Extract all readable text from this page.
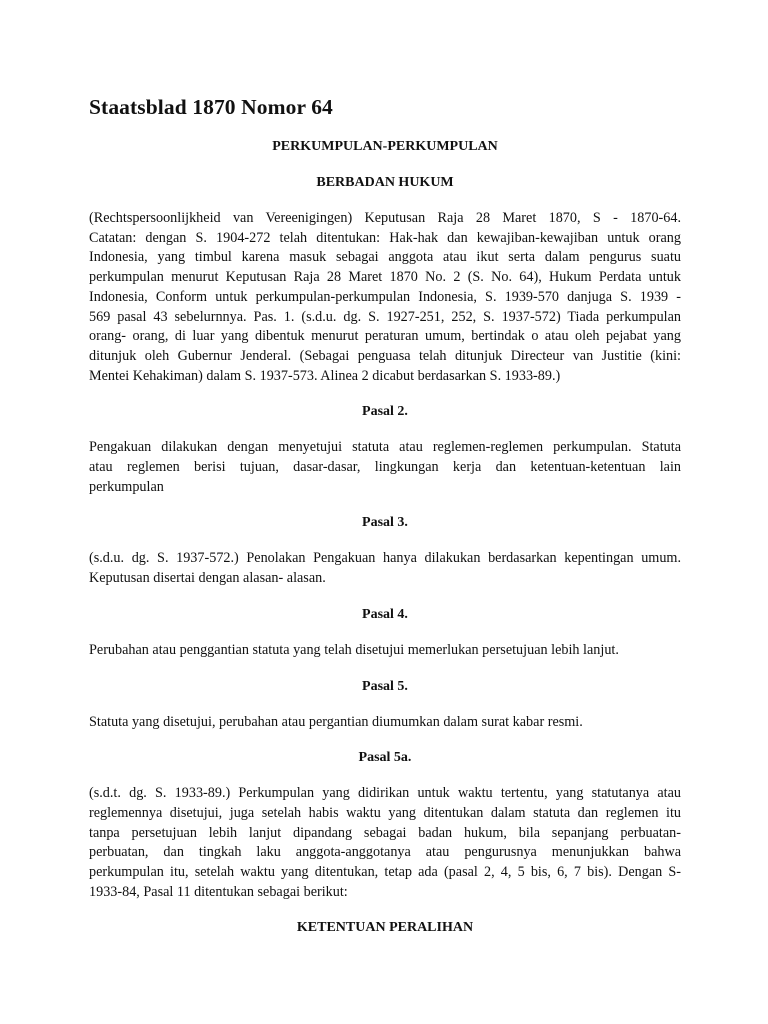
Staatsblad 1870 Nomor 64

PERKUMPULAN-PERKUMPULAN

BERBADAN HUKUM

(Rechtspersoonlijkheid van Vereenigingen) Keputusan Raja 28 Maret 1870, S - 1870-64.
Catatan: dengan S. 1904-272 telah ditentukan: Hak-hak dan kewajiban-kewajiban untuk orang
Indonesia, yang timbul karena masuk sebagai anggota atau ikut serta dalam pengurus suatu
perkumpulan menurut Keputusan Raja 28 Maret 1870 No. 2 (S. No. 64), Hukum Perdata untuk
Indonesia, Conform untuk perkumpulan-perkumpulan Indonesia, S. 1939-570 danjuga S. 1939 -
569 pasal 43 sebelurnnya. Pas. 1. (s.d.u. dg. S. 1927-251, 252, S. 1937-572) Tiada perkumpulan
orang- orang, di luar yang dibentuk menurut peraturan umum, bertindak o atau oleh pejabat yang
ditunjuk oleh Gubernur Jenderal. (Sebagai penguasa telah ditunjuk Directeur van Justitie (kini:
Mentei Kehakiman) dalam S. 1937-573. Alinea 2 dicabut berdasarkan S. 1933-89.)

Pasal 2.

Pengakuan dilakukan dengan menyetujui statuta atau reglemen-reglemen perkumpulan. Statuta
atau reglemen berisi tujuan, dasar-dasar, lingkungan kerja dan ketentuan-ketentuan lain
perkumpulan

Pasal 3.

(s.d.u. dg. S. 1937-572.) Penolakan Pengakuan hanya dilakukan berdasarkan kepentingan umum.
Keputusan disertai dengan alasan- alasan.

Pasal 4.

Perubahan atau penggantian statuta yang telah disetujui memerlukan persetujuan lebih lanjut.

Pasal 5.

Statuta yang disetujui, perubahan atau pergantian diumumkan dalam surat kabar resmi.

Pasal 5a.

(s.d.t. dg. S. 1933-89.) Perkumpulan yang didirikan untuk waktu tertentu, yang statutanya atau
reglemennya disetujui, juga setelah habis waktu yang ditentukan dalam statuta dan reglemen itu
tanpa persetujuan lebih lanjut dipandang sebagai badan hukum, bila sepanjang perbuatan-
perbuatan, dan tingkah laku anggota-anggotanya atau pengurusnya menunjukkan bahwa
perkumpulan itu, setelah waktu yang ditentukan, tetap ada (pasal 2, 4, 5 bis, 6, 7 bis). Dengan S-
1933-84, Pasal 11 ditentukan sebagai berikut:

KETENTUAN PERALIHAN
